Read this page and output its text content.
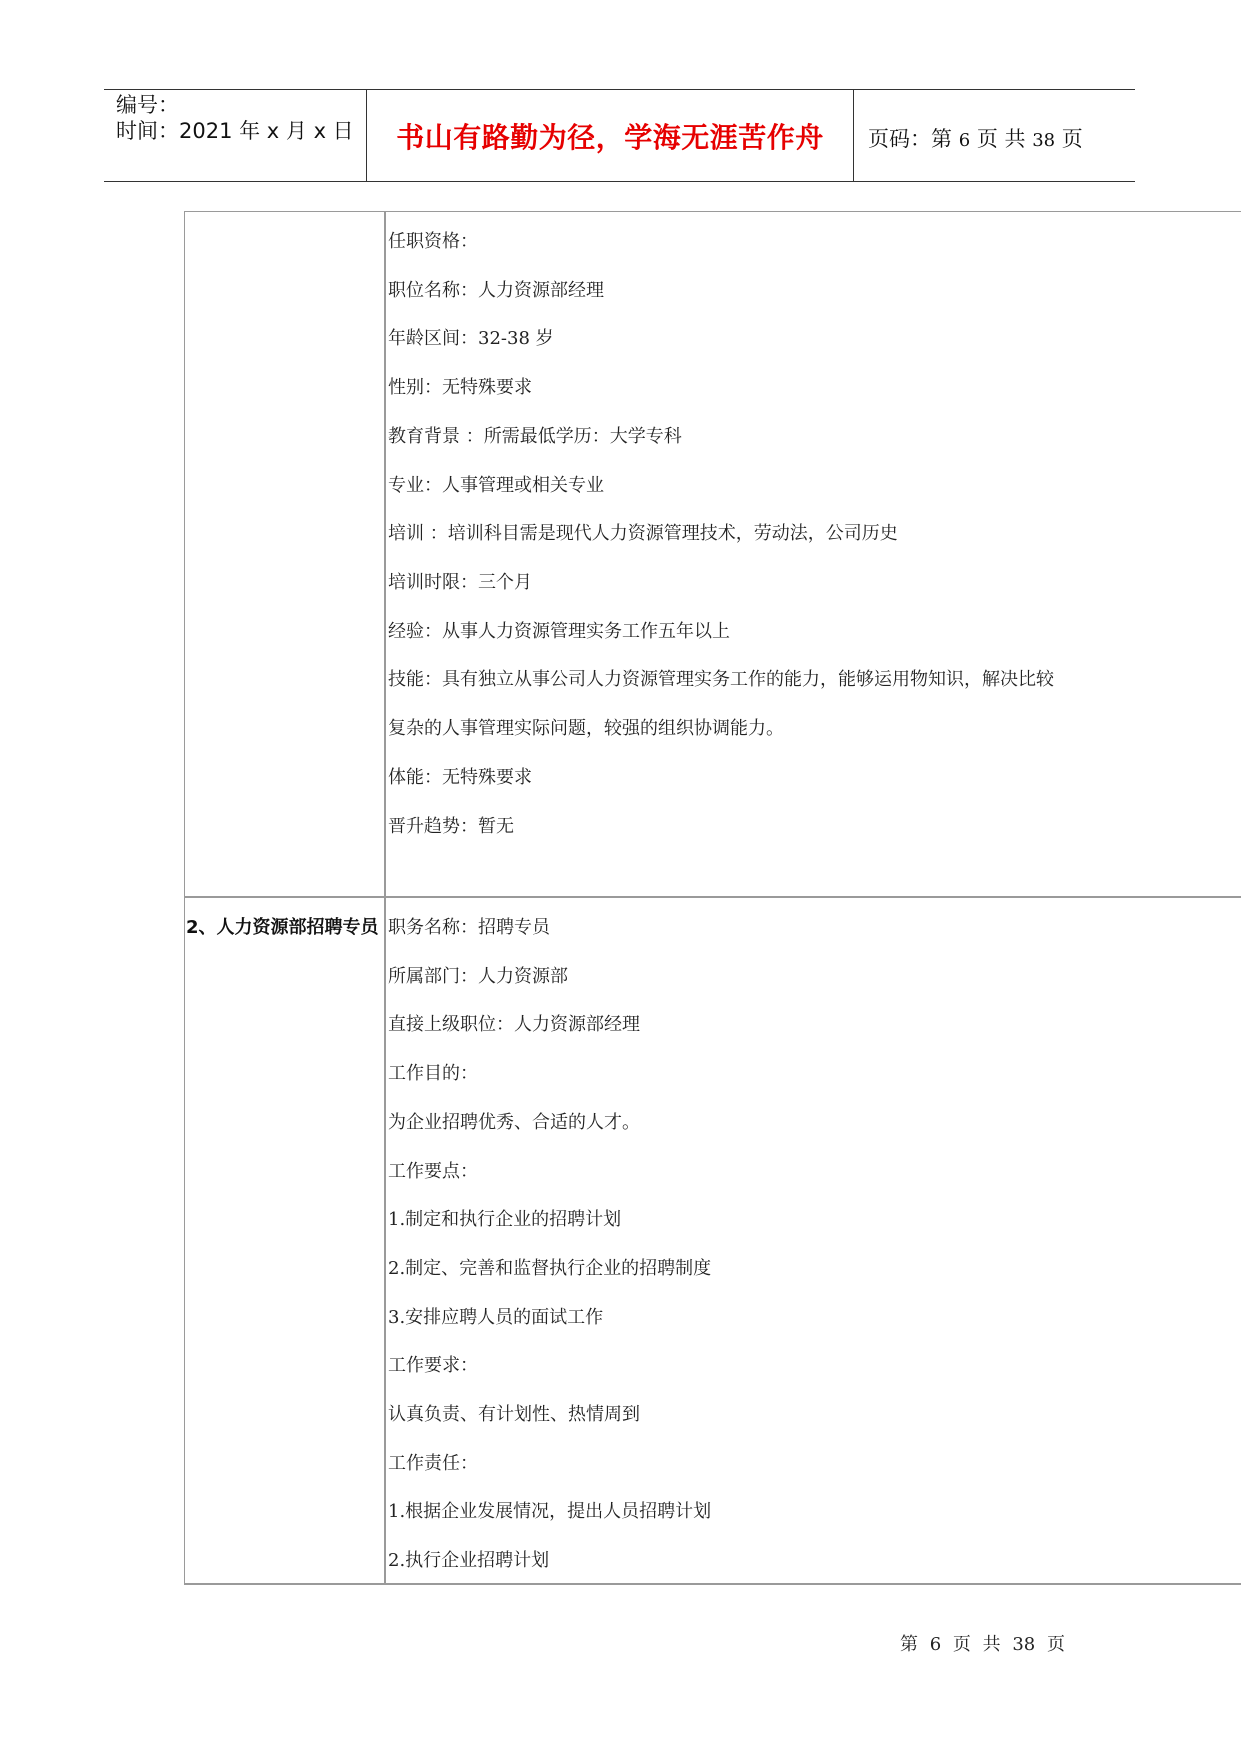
编号：
时间：2021 年 x 月 x 日	书山有路勤为径，学海无涯苦作舟	页码：第 6 页 共 38 页
任职资格：
职位名称：人力资源部经理
年龄区间：32-38 岁
性别：无特殊要求
教育背景 ：所需最低学历：大学专科
专业：人事管理或相关专业
培训 ：培训科目需是现代人力资源管理技术，劳动法，公司历史
培训时限：三个月
经验：从事人力资源管理实务工作五年以上
技能：具有独立从事公司人力资源管理实务工作的能力，能够运用物知识，解决比较
复杂的人事管理实际问题，较强的组织协调能力。
体能：无特殊要求
晋升趋势：暂无
2、人力资源部招聘专员 职务名称：招聘专员
所属部门：人力资源部
直接上级职位：人力资源部经理
工作目的：
为企业招聘优秀、合适的人才。
工作要点：
1.制定和执行企业的招聘计划
2.制定、完善和监督执行企业的招聘制度
3.安排应聘人员的面试工作
工作要求：
认真负责、有计划性、热情周到
工作责任：
1.根据企业发展情况，提出人员招聘计划
2.执行企业招聘计划
第 6 页 共 38 页
